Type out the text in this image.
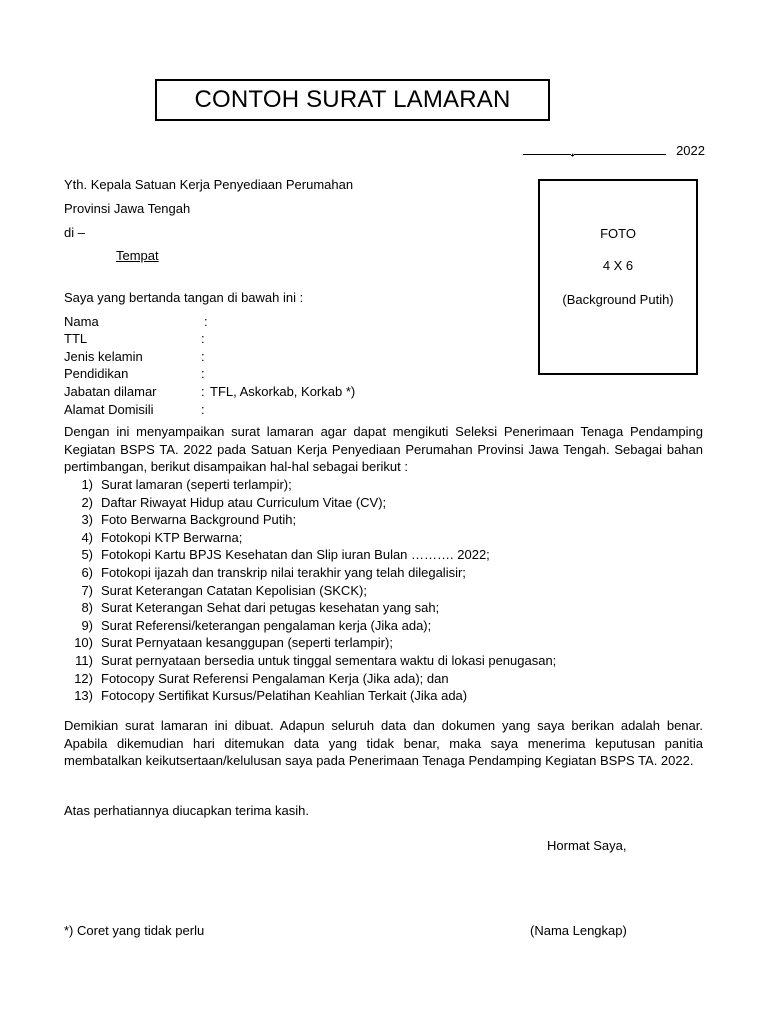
CONTOH SURAT LAMARAN
,	2022
Yth. Kepala Satuan Kerja Penyediaan Perumahan
Provinsi Jawa Tengah
di –
Tempat
FOTO
4 X 6
(Background Putih)
Saya yang bertanda tangan di bawah ini :
Nama	:
TTL	:
Jenis kelamin	:
Pendidikan	:
Jabatan dilamar	: TFL, Askorkab, Korkab *)
Alamat Domisili	:
Dengan ini menyampaikan surat lamaran agar dapat mengikuti Seleksi Penerimaan Tenaga Pendamping Kegiatan BSPS TA. 2022 pada Satuan Kerja Penyediaan Perumahan Provinsi Jawa Tengah. Sebagai bahan pertimbangan, berikut disampaikan hal-hal sebagai berikut :
1) Surat lamaran (seperti terlampir);
2) Daftar Riwayat Hidup atau Curriculum Vitae (CV);
3) Foto Berwarna Background Putih;
4) Fotokopi KTP Berwarna;
5) Fotokopi Kartu BPJS Kesehatan dan Slip iuran Bulan ………. 2022;
6) Fotokopi ijazah dan transkrip nilai terakhir yang telah dilegalisir;
7) Surat Keterangan Catatan Kepolisian (SKCK);
8) Surat Keterangan Sehat dari petugas kesehatan yang sah;
9) Surat Referensi/keterangan pengalaman kerja (Jika ada);
10) Surat Pernyataan kesanggupan (seperti terlampir);
11) Surat pernyataan bersedia untuk tinggal sementara waktu di lokasi penugasan;
12) Fotocopy Surat Referensi Pengalaman Kerja (Jika ada); dan
13) Fotocopy Sertifikat Kursus/Pelatihan Keahlian Terkait (Jika ada)
Demikian surat lamaran ini dibuat. Adapun seluruh data dan dokumen yang saya berikan adalah benar. Apabila dikemudian hari ditemukan data yang tidak benar, maka saya menerima keputusan panitia membatalkan keikutsertaan/kelulusan saya pada Penerimaan Tenaga Pendamping Kegiatan BSPS TA. 2022.
Atas perhatiannya diucapkan terima kasih.
Hormat Saya,
*) Coret yang tidak perlu	(Nama Lengkap)
